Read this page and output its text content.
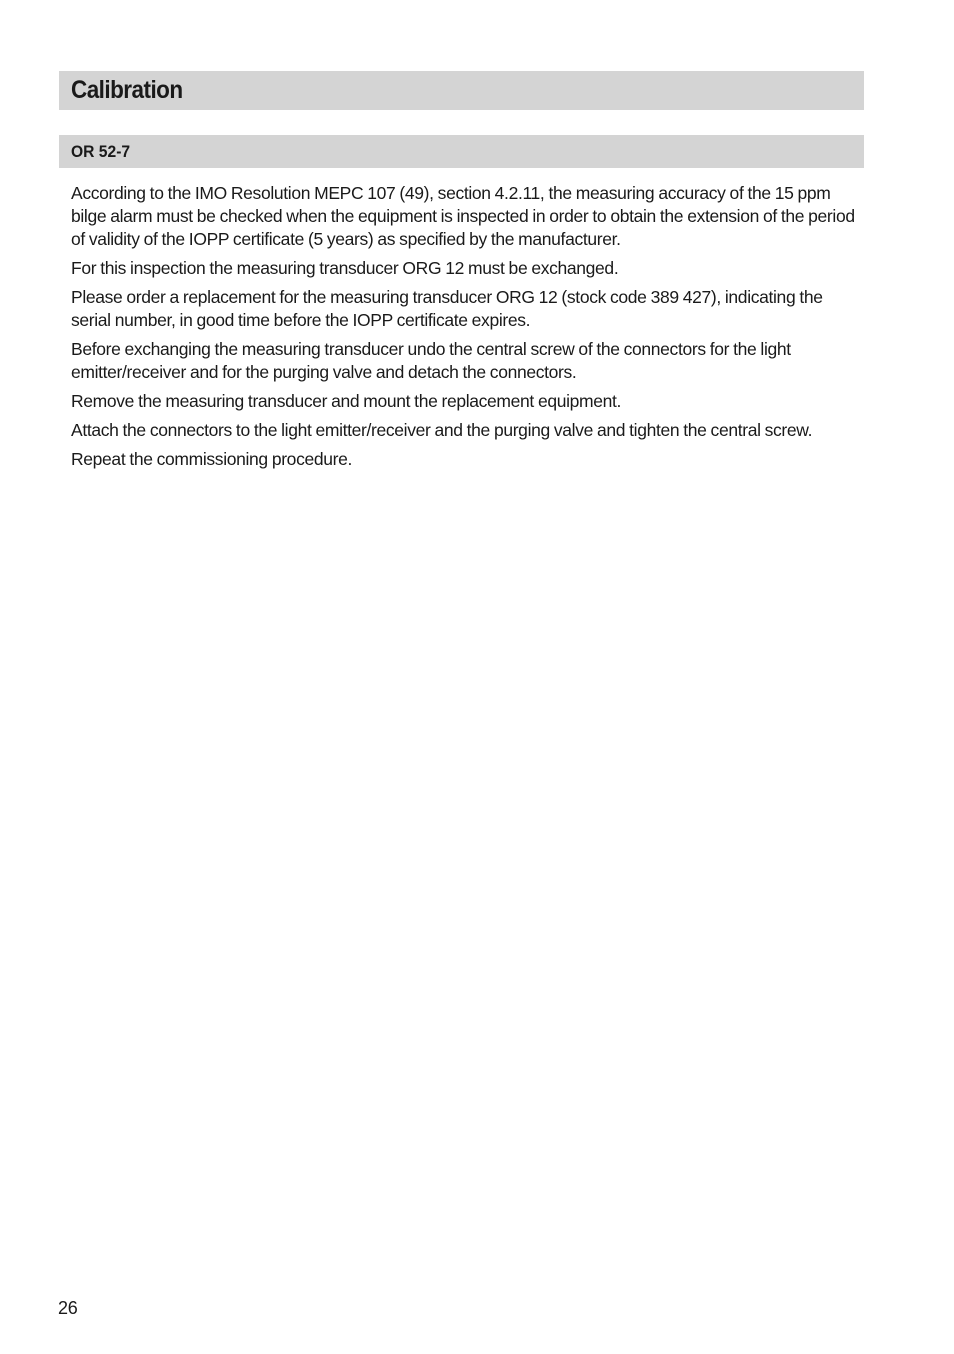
Calibration
OR 52-7

According to the IMO Resolution MEPC 107 (49), section 4.2.11, the measuring accuracy of the 15 ppm bilge alarm must be checked when the equipment is inspected in order to obtain the extension of the period of validity of the IOPP certificate (5 years) as specified by the manufacturer.

For this inspection the measuring transducer ORG 12 must be exchanged.

Please order a replacement for the measuring transducer ORG 12 (stock code 389 427), indicating the serial number, in good time before the IOPP certificate expires.

Before exchanging the measuring transducer undo the central screw of the connectors for the light emitter/receiver and for the purging valve and detach the connectors.

Remove the measuring transducer and mount the replacement equipment.

Attach the connectors to the light emitter/receiver and the purging valve and tighten the central screw.

Repeat the commissioning procedure.

26
